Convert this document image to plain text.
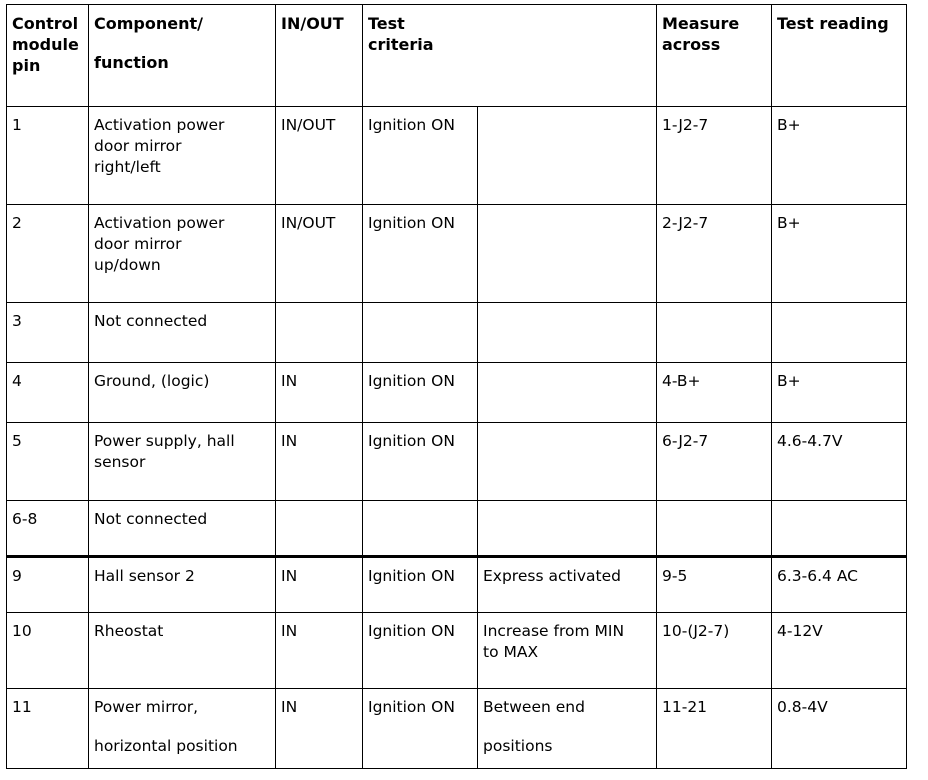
Control
module
pin	Component/
function	IN/OUT	Test
criteria		Measure
across	Test reading
1	Activation power
door mirror
right/left	IN/OUT	Ignition ON		1-J2-7	B+
2	Activation power
door mirror
up/down	IN/OUT	Ignition ON		2-J2-7	B+
3	Not connected					

4	Ground, (logic)	IN	Ignition ON		4-B+	B+
5	Power supply, hall
sensor	IN	Ignition ON		6-J2-7	4.6-4.7V
6-8	Not connected					

9	Hall sensor 2	IN	Ignition ON	Express activated	9-5	6.3-6.4 AC
10	Rheostat	IN	Ignition ON	Increase from MIN
to MAX	10-(J2-7)	4-12V
11	Power mirror,
horizontal position	IN	Ignition ON	Between end
positions	11-21	0.8-4V
